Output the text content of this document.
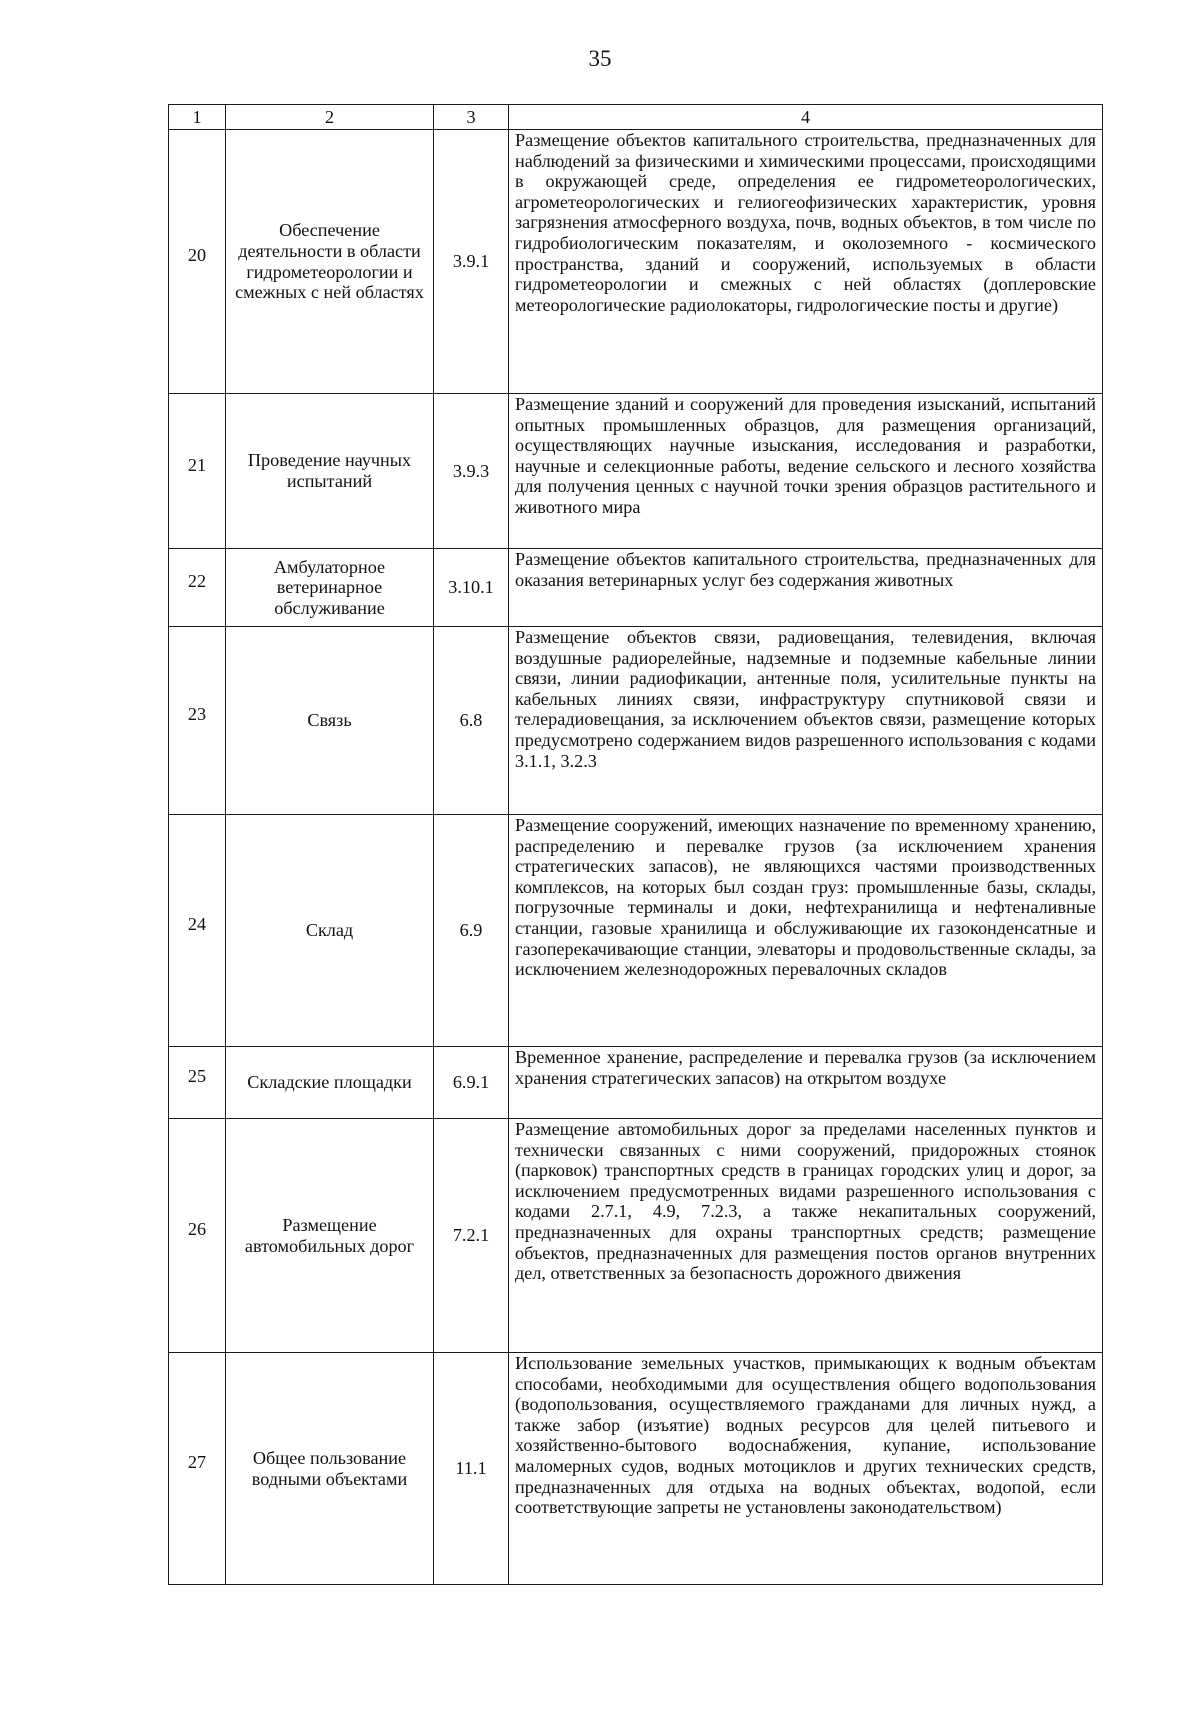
35
1	2	3	4
20	Обеспечение деятельности в области гидрометеорологии и смежных с ней областях	3.9.1	Размещение объектов капитального строительства, предназначенных для наблюдений за физическими и химическими процессами, происходящими в окружающей среде, определения ее гидрометеорологических, агрометеорологических и гелиогеофизических характеристик, уровня загрязнения атмосферного воздуха, почв, водных объектов, в том числе по гидробиологическим показателям, и околоземного - космического пространства, зданий и сооружений, используемых в области гидрометеорологии и смежных с ней областях (доплеровские метеорологические радиолокаторы, гидрологические посты и другие)
21	Проведение научных испытаний	3.9.3	Размещение зданий и сооружений для проведения изысканий, испытаний опытных промышленных образцов, для размещения организаций, осуществляющих научные изыскания, исследования и разработки, научные и селекционные работы, ведение сельского и лесного хозяйства для получения ценных с научной точки зрения образцов растительного и животного мира
22	Амбулаторное ветеринарное обслуживание	3.10.1	Размещение объектов капитального строительства, предназначенных для оказания ветеринарных услуг без содержания животных
23	Связь	6.8	Размещение объектов связи, радиовещания, телевидения, включая воздушные радиорелейные, надземные и подземные кабельные линии связи, линии радиофикации, антенные поля, усилительные пункты на кабельных линиях связи, инфраструктуру спутниковой связи и телерадиовещания, за исключением объектов связи, размещение которых предусмотрено содержанием видов разрешенного использования с кодами 3.1.1, 3.2.3
24	Склад	6.9	Размещение сооружений, имеющих назначение по временному хранению, распределению и перевалке грузов (за исключением хранения стратегических запасов), не являющихся частями производственных комплексов, на которых был создан груз: промышленные базы, склады, погрузочные терминалы и доки, нефтехранилища и нефтеналивные станции, газовые хранилища и обслуживающие их газоконденсатные и газоперекачивающие станции, элеваторы и продовольственные склады, за исключением железнодорожных перевалочных складов
25	Складские площадки	6.9.1	Временное хранение, распределение и перевалка грузов (за исключением хранения стратегических запасов) на открытом воздухе
26	Размещение автомобильных дорог	7.2.1	Размещение автомобильных дорог за пределами населенных пунктов и технически связанных с ними сооружений, придорожных стоянок (парковок) транспортных средств в границах городских улиц и дорог, за исключением предусмотренных видами разрешенного использования с кодами 2.7.1, 4.9, 7.2.3, а также некапитальных сооружений, предназначенных для охраны транспортных средств; размещение объектов, предназначенных для размещения постов органов внутренних дел, ответственных за безопасность дорожного движения
27	Общее пользование водными объектами	11.1	Использование земельных участков, примыкающих к водным объектам способами, необходимыми для осуществления общего водопользования (водопользования, осуществляемого гражданами для личных нужд, а также забор (изъятие) водных ресурсов для целей питьевого и хозяйственно-бытового водоснабжения, купание, использование маломерных судов, водных мотоциклов и других технических средств, предназначенных для отдыха на водных объектах, водопой, если соответствующие запреты не установлены законодательством)
